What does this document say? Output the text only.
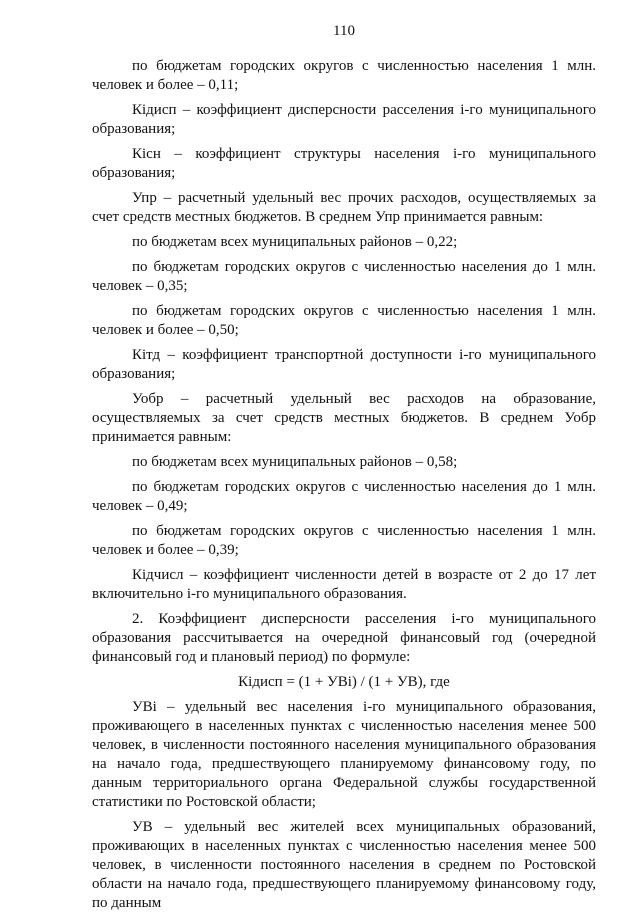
110

по бюджетам городских округов с численностью населения 1 млн. человек и более – 0,11;

Кiдисп – коэффициент дисперсности расселения i-го муниципального образования;

Кiсн – коэффициент структуры населения i-го муниципального образования;

Упр – расчетный удельный вес прочих расходов, осуществляемых за счет средств местных бюджетов. В среднем Упр принимается равным:

по бюджетам всех муниципальных районов – 0,22;

по бюджетам городских округов с численностью населения до 1 млн. человек – 0,35;

по бюджетам городских округов с численностью населения 1 млн. человек и более – 0,50;

Кiтд – коэффициент транспортной доступности i-го муниципального образования;

Уобр – расчетный удельный вес расходов на образование, осуществляемых за счет средств местных бюджетов. В среднем Уобр принимается равным:

по бюджетам всех муниципальных районов – 0,58;

по бюджетам городских округов с численностью населения до 1 млн. человек – 0,49;

по бюджетам городских округов с численностью населения 1 млн. человек и более – 0,39;

Кiдчисл – коэффициент численности детей в возрасте от 2 до 17 лет включительно i-го муниципального образования.

2. Коэффициент дисперсности расселения i-го муниципального образования рассчитывается на очередной финансовый год (очередной финансовый год и плановый период) по формуле:

Кiдисп = (1 + УВi) / (1 + УВ), где

УВi – удельный вес населения i-го муниципального образования, проживающего в населенных пунктах с численностью населения менее 500 человек, в численности постоянного населения муниципального образования на начало года, предшествующего планируемому финансовому году, по данным территориального органа Федеральной службы государственной статистики по Ростовской области;

УВ – удельный вес жителей всех муниципальных образований, проживающих в населенных пунктах с численностью населения менее 500 человек, в численности постоянного населения в среднем по Ростовской области на начало года, предшествующего планируемому финансовому году, по данным
